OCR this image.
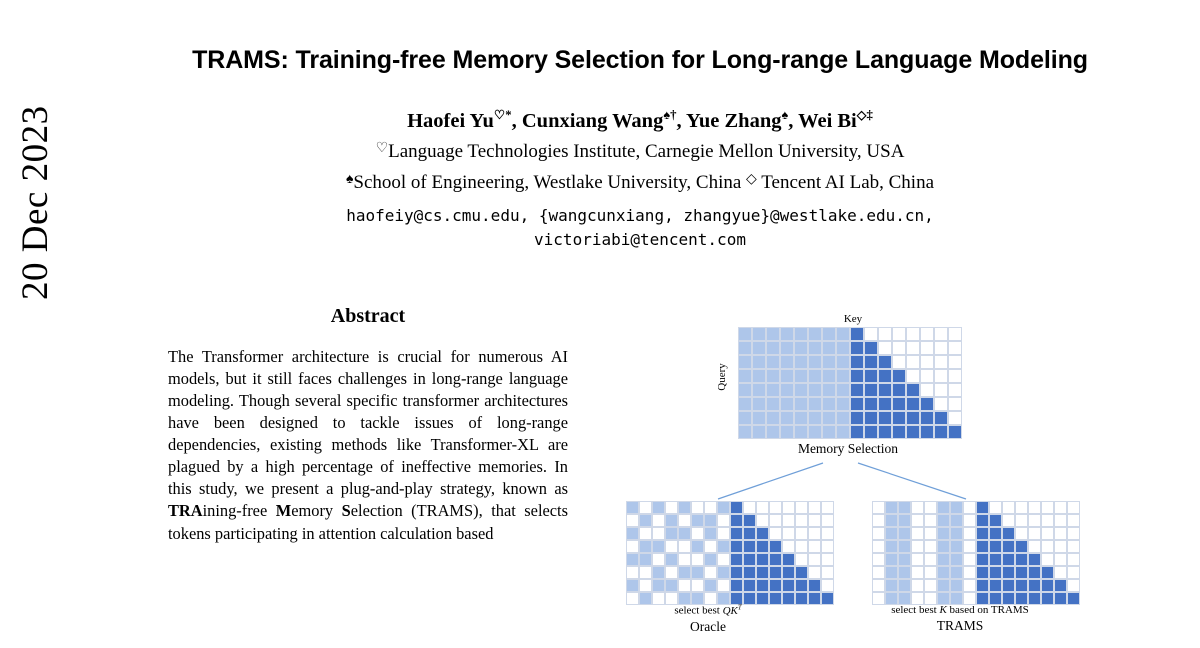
20 Dec 2023
TRAMS: Training-free Memory Selection for Long-range Language Modeling
Haofei Yu♡*, Cunxiang Wang♠†, Yue Zhang♠, Wei Bi◇‡
♡Language Technologies Institute, Carnegie Mellon University, USA
♠School of Engineering, Westlake University, China ◇ Tencent AI Lab, China
haofeiy@cs.cmu.edu, {wangcunxiang, zhangyue}@westlake.edu.cn,
victoriabi@tencent.com
Abstract
The Transformer architecture is crucial for numerous AI models, but it still faces challenges in long-range language modeling. Though several specific transformer architectures have been designed to tackle issues of long-range dependencies, existing methods like Transformer-XL are plagued by a high percentage of ineffective memories. In this study, we present a plug-and-play strategy, known as TRAining-free Memory Selection (TRAMS), that selects tokens participating in attention calculation based
Key
Query
Memory Selection
select best $QK^T$
Oracle
select best K based on TRAMS
TRAMS
